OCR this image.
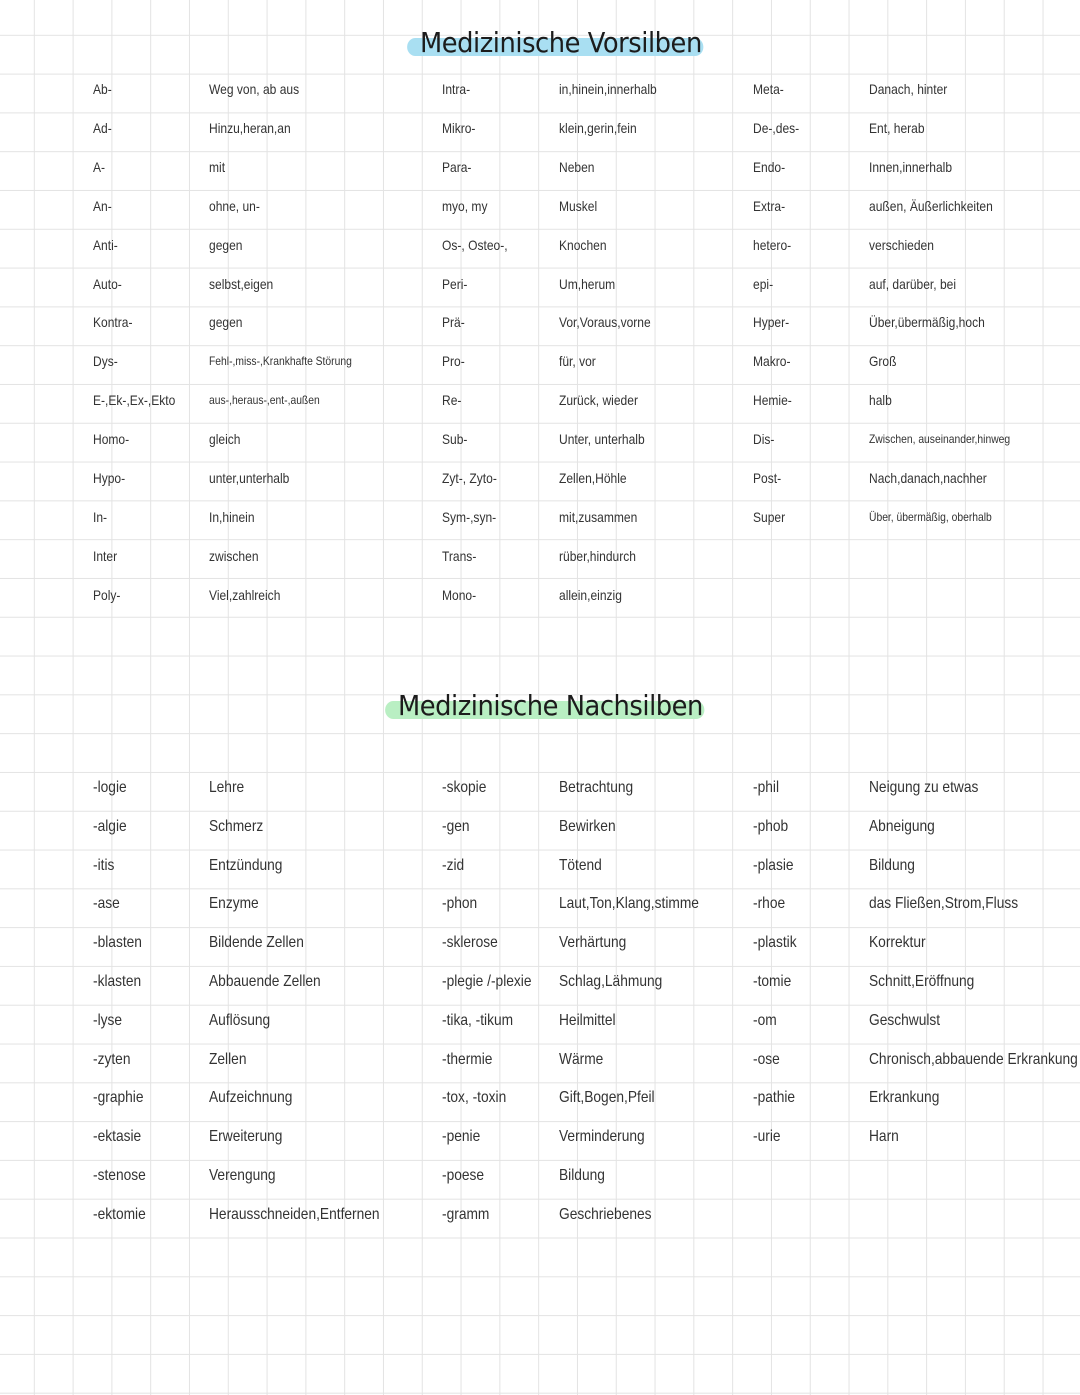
Medizinische Vorsilben
Medizinische Nachsilben
Ab-	Weg von, ab aus	Intra-	in,hinein,innerhalb	Meta-	Danach, hinter
Ad-	Hinzu,heran,an	Mikro-	klein,gerin,fein	De-,des-	Ent, herab
A-	mit	Para-	Neben	Endo-	Innen,innerhalb
An-	ohne, un-	myo, my	Muskel	Extra-	außen, Äußerlichkeiten
Anti-	gegen	Os-, Osteo-,	Knochen	hetero-	verschieden
Auto-	selbst,eigen	Peri-	Um,herum	epi-	auf, darüber, bei
Kontra-	gegen	Prä-	Vor,Voraus,vorne	Hyper-	Über,übermäßig,hoch
Dys-	Fehl-,miss-,Krankhafte Störung	Pro-	für, vor	Makro-	Groß
E-,Ek-,Ex-,Ekto	aus-,heraus-,ent-,außen	Re-	Zurück, wieder	Hemie-	halb
Homo-	gleich	Sub-	Unter, unterhalb	Dis-	Zwischen, auseinander,hinweg
Hypo-	unter,unterhalb	Zyt-, Zyto-	Zellen,Höhle	Post-	Nach,danach,nachher
In-	In,hinein	Sym-,syn-	mit,zusammen	Super	Über, übermäßig, oberhalb
Inter	zwischen	Trans-	rüber,hindurch
Poly-	Viel,zahlreich	Mono-	allein,einzig
-logie	Lehre	-skopie	Betrachtung	-phil	Neigung zu etwas
-algie	Schmerz	-gen	Bewirken	-phob	Abneigung
-itis	Entzündung	-zid	Tötend	-plasie	Bildung
-ase	Enzyme	-phon	Laut,Ton,Klang,stimme	-rhoe	das Fließen,Strom,Fluss
-blasten	Bildende Zellen	-sklerose	Verhärtung	-plastik	Korrektur
-klasten	Abbauende Zellen	-plegie /-plexie Schlag,Lähmung	-tomie	Schnitt,Eröffnung
-lyse	Auflösung	-tika, -tikum	Heilmittel	-om	Geschwulst
-zyten	Zellen	-thermie	Wärme	-ose	Chronisch,abbauende Erkrankung
-graphie	Aufzeichnung	-tox, -toxin	Gift,Bogen,Pfeil	-pathie	Erkrankung
-ektasie	Erweiterung	-penie	Verminderung	-urie	Harn
-stenose	Verengung	-poese	Bildung
-ektomie	Herausschneiden,Entfernen	-gramm	Geschriebenes
